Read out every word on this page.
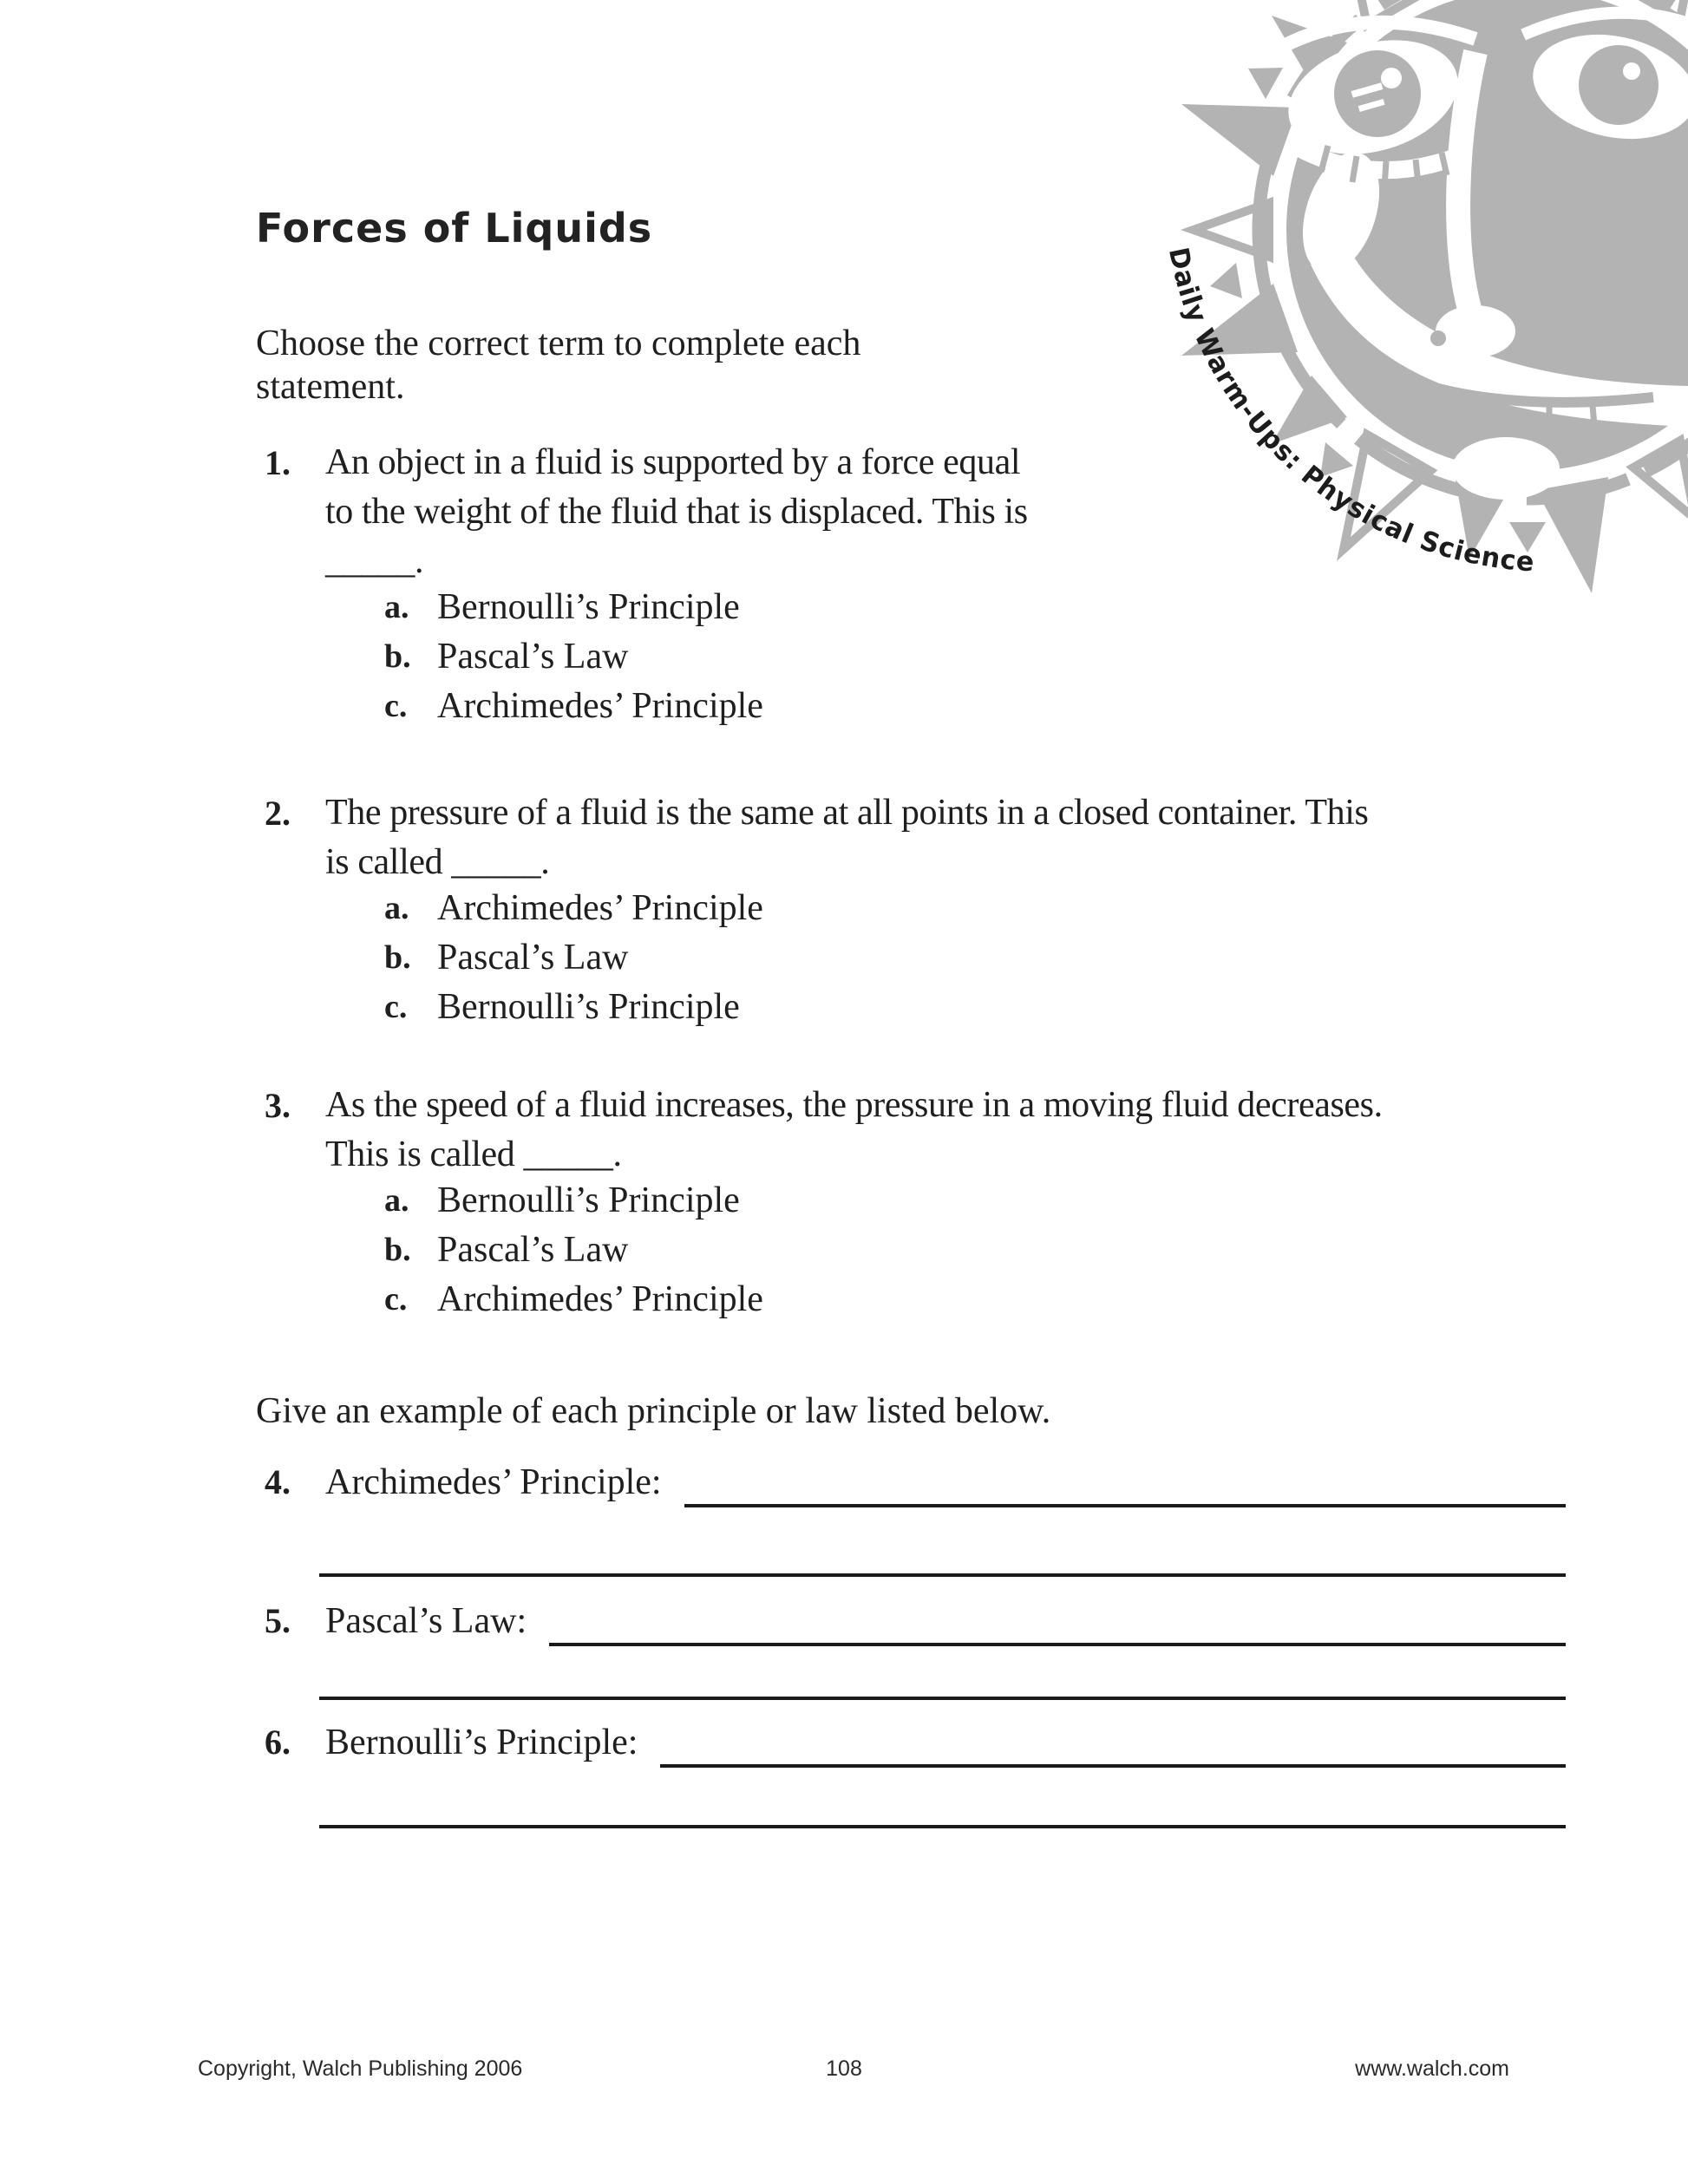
Daily Warm-Ups: Physical Science
Forces of Liquids
Choose the correct term to complete each
statement.
1. An object in a fluid is supported by a force equal
to the weight of the fluid that is displaced. This is
_____.
a. Bernoulli’s Principle
b. Pascal’s Law
c. Archimedes’ Principle
2. The pressure of a fluid is the same at all points in a closed container. This
is called _____.
a. Archimedes’ Principle
b. Pascal’s Law
c. Bernoulli’s Principle
3. As the speed of a fluid increases, the pressure in a moving fluid decreases.
This is called _____.
a. Bernoulli’s Principle
b. Pascal’s Law
c. Archimedes’ Principle
Give an example of each principle or law listed below.
4. Archimedes’ Principle:
5. Pascal’s Law:
6. Bernoulli’s Principle:
Copyright, Walch Publishing 2006	108	www.walch.com
